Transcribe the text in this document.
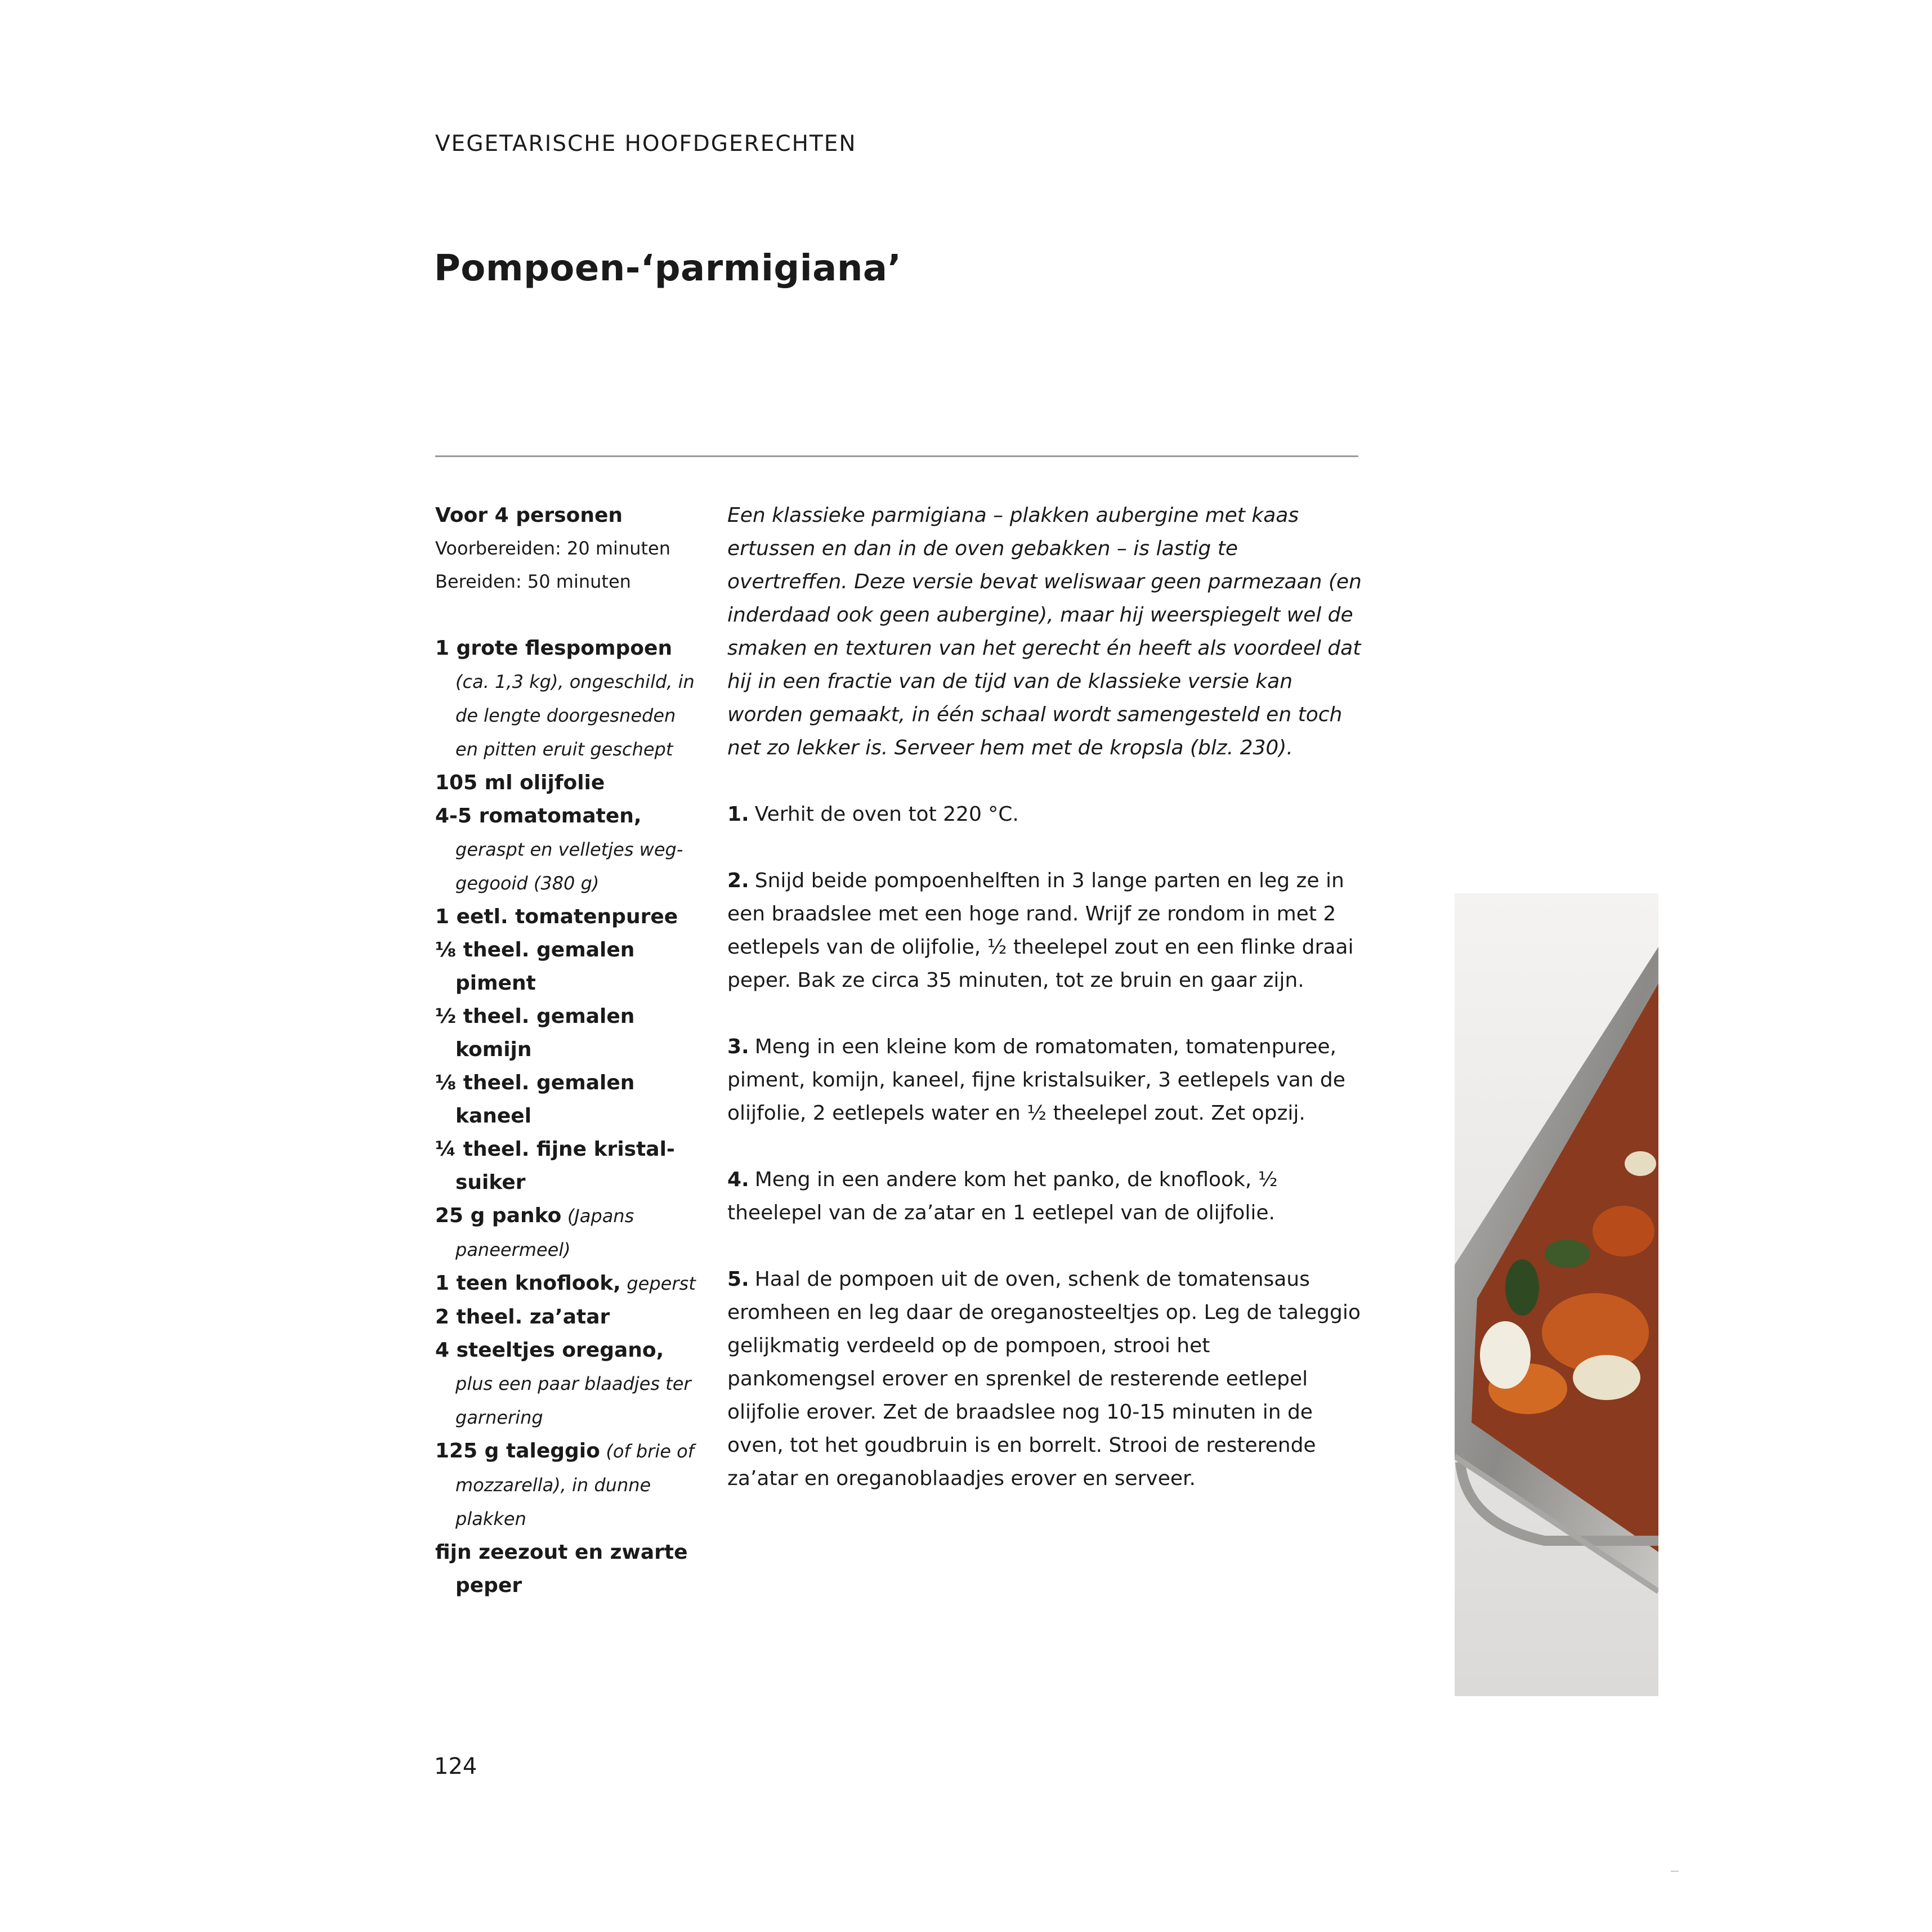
VEGETARISCHE HOOFDGERECHTEN
Pompoen-‘parmigiana’
Voor 4 personen
Voorbereiden: 20 minuten
Bereiden: 50 minuten
1 grote flespompoen (ca. 1,3 kg), ongeschild, in de lengte doorgesneden en pitten eruit geschept
105 ml olijfolie
4-5 romatomaten, geraspt en velletjes weg-gegooid (380 g)
1 eetl. tomatenpuree
⅛ theel. gemalen piment
½ theel. gemalen komijn
⅛ theel. gemalen kaneel
¼ theel. fijne kristal-suiker
25 g panko (Japans paneermeel)
1 teen knoflook, geperst
2 theel. za’atar
4 steeltjes oregano, plus een paar blaadjes ter garnering
125 g taleggio (of brie of mozzarella), in dunne plakken
fijn zeezout en zwarte peper

Een klassieke parmigiana – plakken aubergine met kaas ertussen en dan in de oven gebakken – is lastig te overtreffen. Deze versie bevat weliswaar geen parmezaan (en inderdaad ook geen aubergine), maar hij weerspiegelt wel de smaken en texturen van het gerecht én heeft als voordeel dat hij in een fractie van de tijd van de klassieke versie kan worden gemaakt, in één schaal wordt samengesteld en toch net zo lekker is. Serveer hem met de kropsla (blz. 230).

1. Verhit de oven tot 220 °C.

2. Snijd beide pompoenhelften in 3 lange parten en leg ze in een braadslee met een hoge rand. Wrijf ze rondom in met 2 eetlepels van de olijfolie, ½ theelepel zout en een flinke draai peper. Bak ze circa 35 minuten, tot ze bruin en gaar zijn.

3. Meng in een kleine kom de romatomaten, tomatenpuree, piment, komijn, kaneel, fijne kristalsuiker, 3 eetlepels van de olijfolie, 2 eetlepels water en ½ theelepel zout. Zet opzij.

4. Meng in een andere kom het panko, de knoflook, ½ theelepel van de za’atar en 1 eetlepel van de olijfolie.

5. Haal de pompoen uit de oven, schenk de tomatensaus eromheen en leg daar de oreganosteeltjes op. Leg de taleggio gelijkmatig verdeeld op de pompoen, strooi het pankomengsel erover en sprenkel de resterende eetlepel olijfolie erover. Zet de braadslee nog 10-15 minuten in de oven, tot het goudbruin is en borrelt. Strooi de resterende za’atar en oreganoblaadjes erover en serveer.

124
